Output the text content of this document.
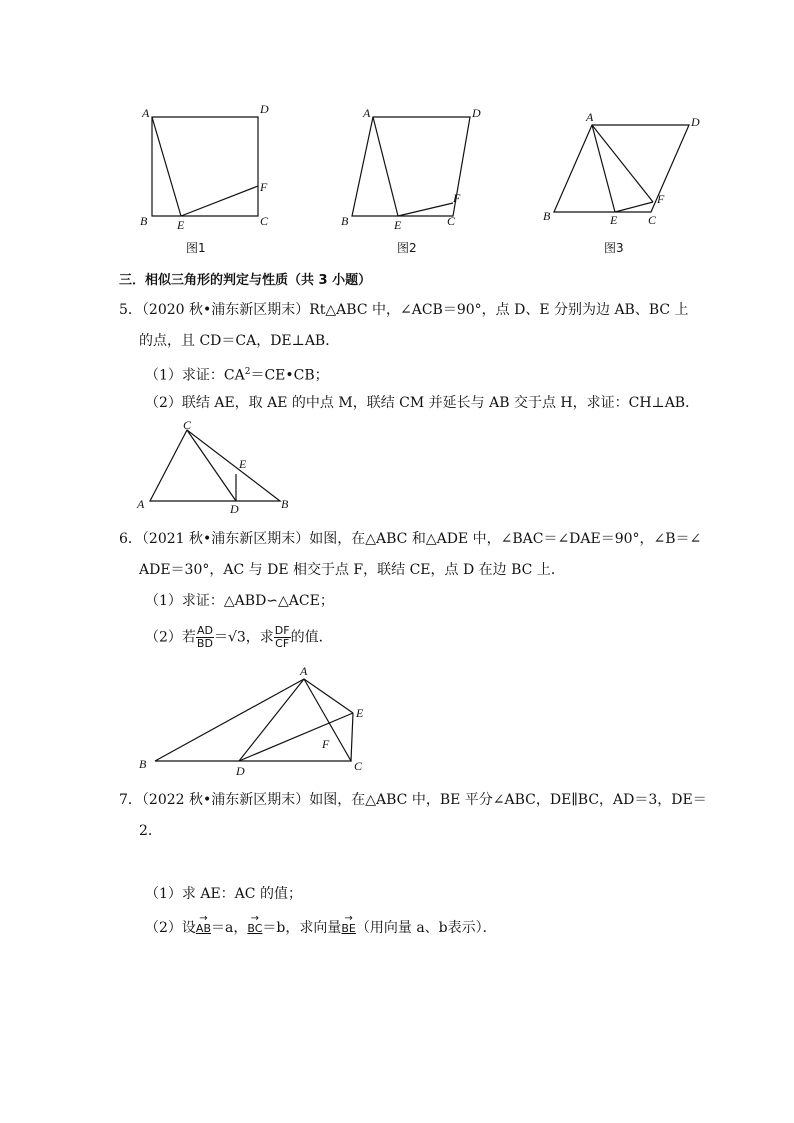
A	D
B E	C
F
图1
A	D
B	E	C
F
图2
A	D
B	E	C
F
图3
三．相似三角形的判定与性质（共 3 小题）
5．（2020 秋•浦东新区期末）Rt△ABC 中，∠ACB＝90°，点 D、E 分别为边 AB、BC 上
的点，且 CD＝CA，DE⊥AB．
（1）求证：$CA^2=CE•CB$；
（2）联结 AE，取 AE 的中点 M，联结 CM 并延长与 AB 交于点 H，求证：CH⊥AB．
C
A	D
E
B
6．（2021 秋•浦东新区期末）如图，在△ABC 和△ADE 中，∠BAC＝∠DAE＝90°，∠B＝∠
ADE＝30°，AC 与 DE 相交于点 F，联结 CE，点 D 在边 BC 上．
（1）求证：△ABD∽△ACE；
（2）若 $\frac{AD}{BD} =√3$，求 $\frac{DF}{CF}$ 的值．
A
B	D	C
E
F
7．（2022 秋•浦东新区期末）如图，在△ABC 中，BE 平分∠ABC，DE∥BC，AD＝3，DE＝
2．
（1）求 AE：AC 的值；
（2）设→ AB＝a，→ BC＝b，求向量→ BE（用向量 a、b表示）．
